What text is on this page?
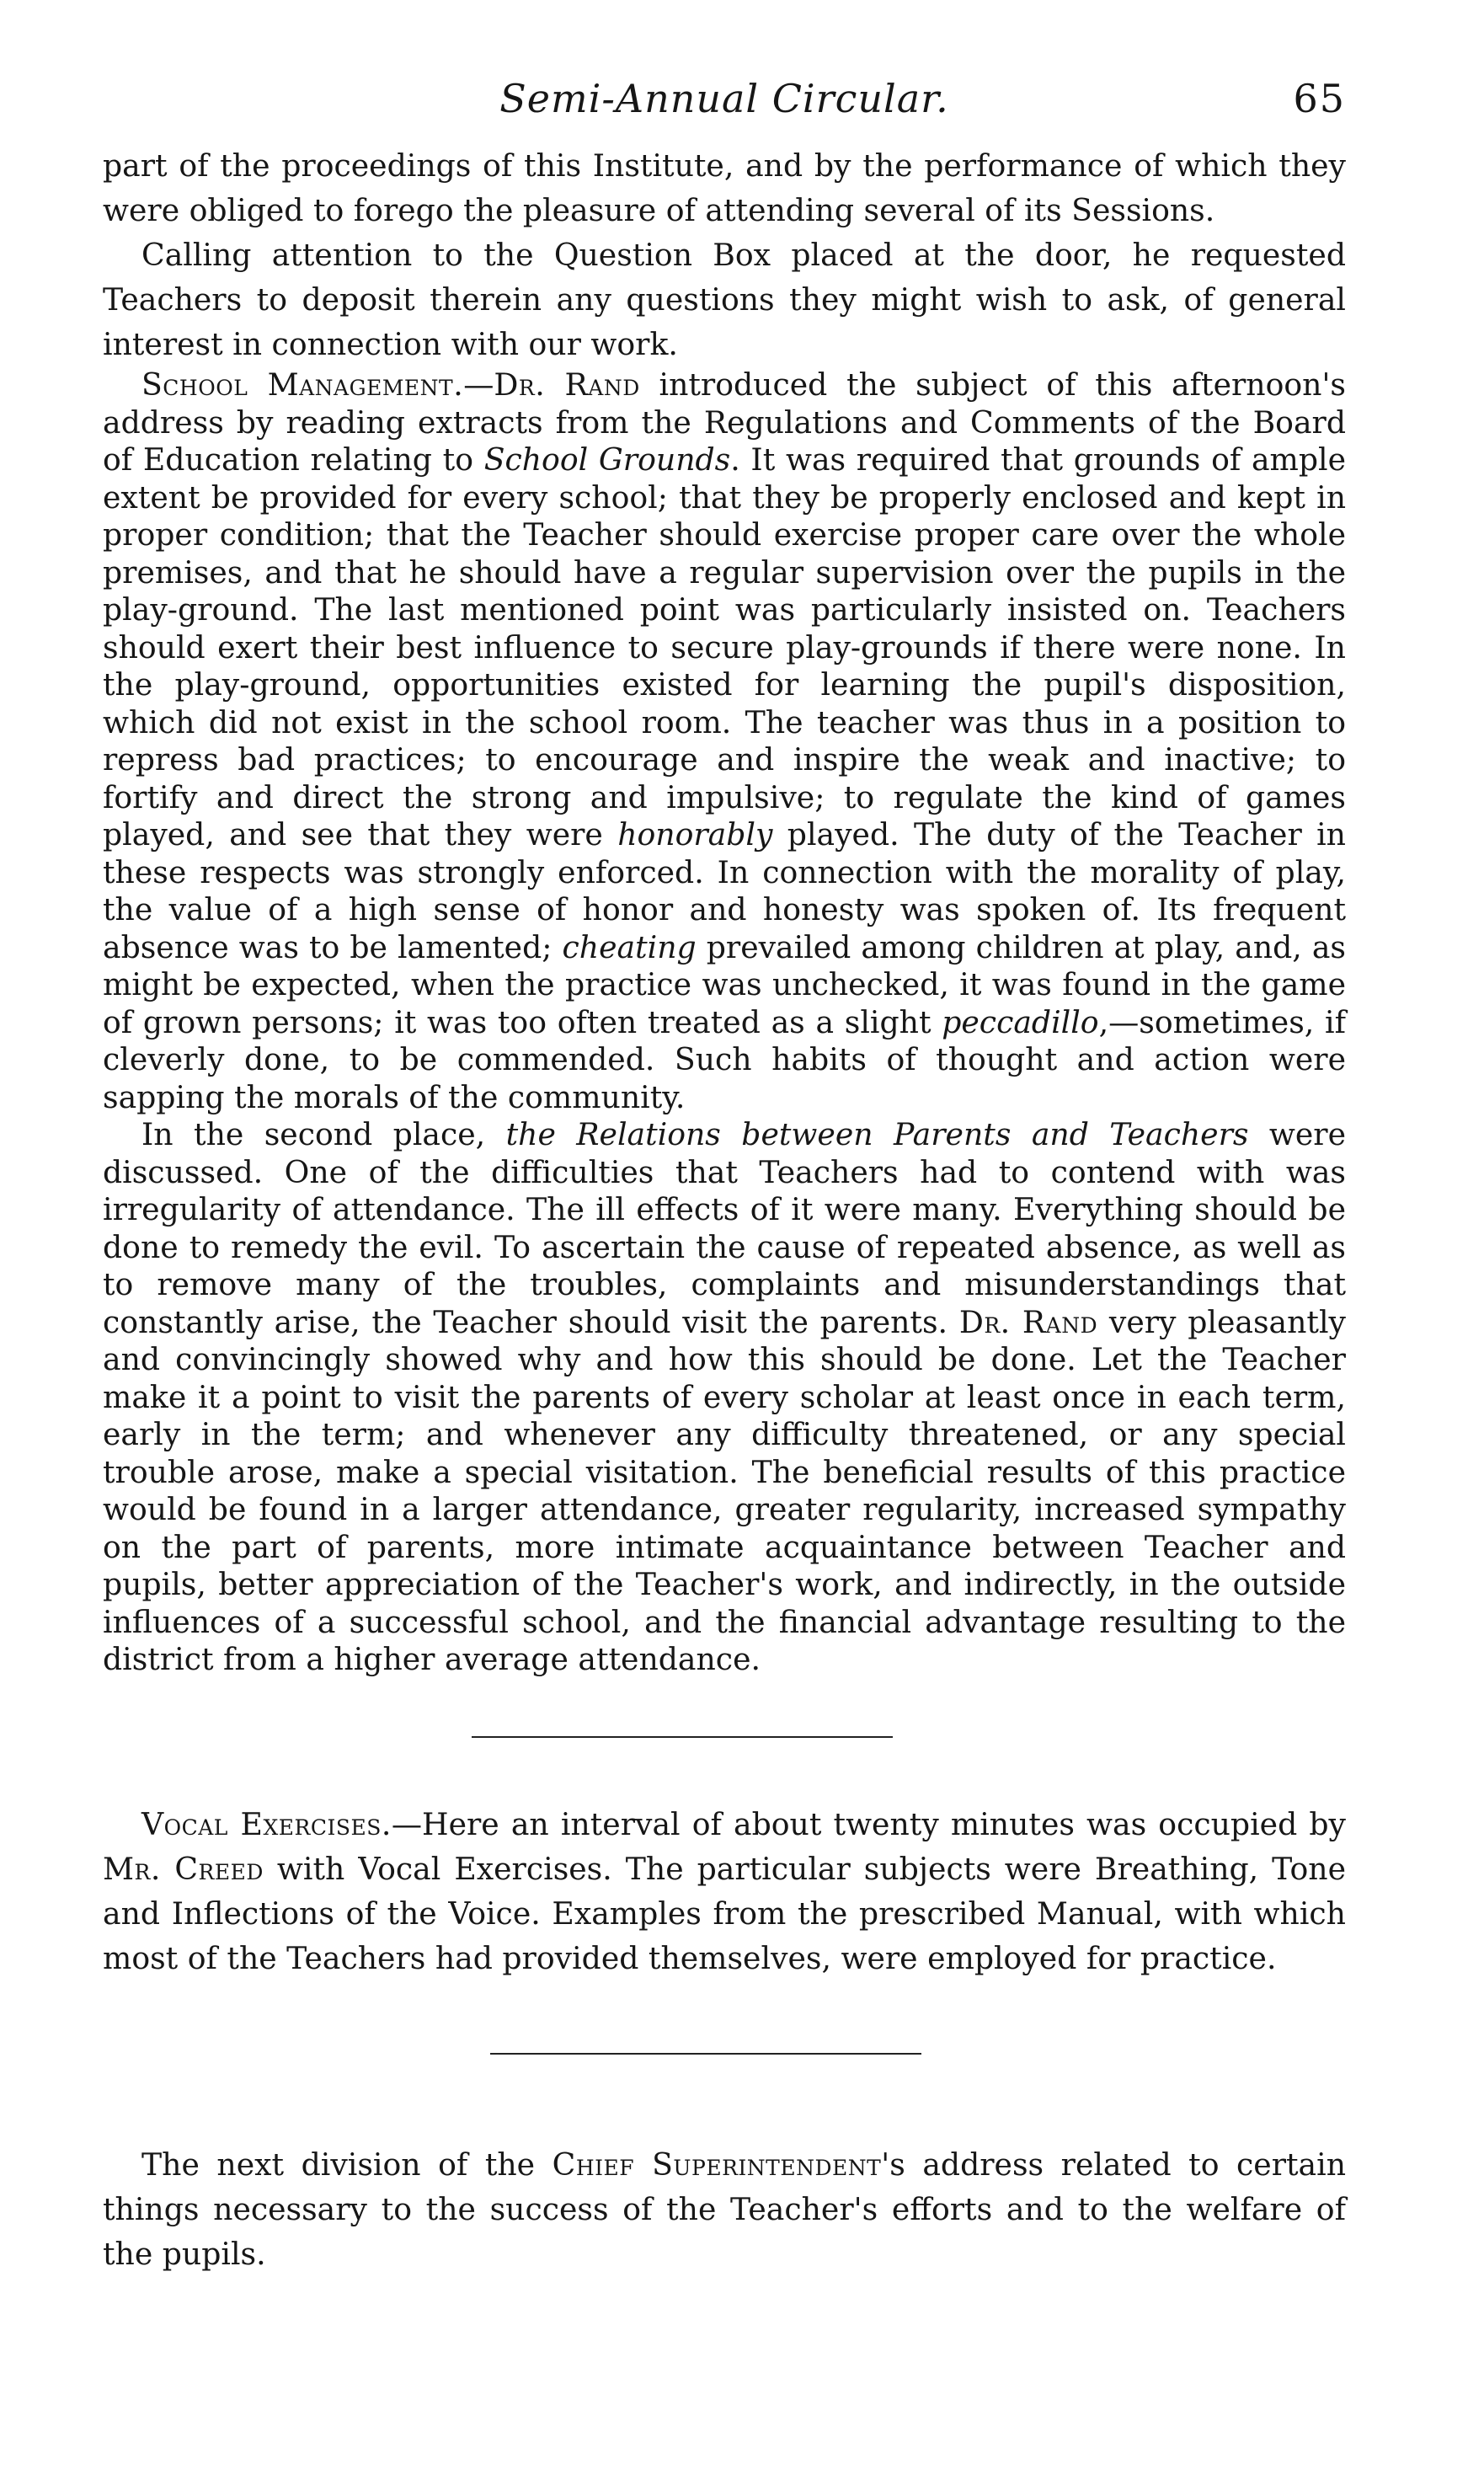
Semi-Annual Circular.	65

part of the proceedings of this Institute, and by the performance of which they were obliged to forego the pleasure of attending several of its Sessions.

Calling attention to the Question Box placed at the door, he requested Teachers to deposit therein any questions they might wish to ask, of general interest in connection with our work.

School Management.—Dr. Rand introduced the subject of this afternoon's address by reading extracts from the Regulations and Comments of the Board of Education relating to School Grounds. It was required that grounds of ample extent be provided for every school; that they be properly enclosed and kept in proper condition; that the Teacher should exercise proper care over the whole premises, and that he should have a regular supervision over the pupils in the play-ground. The last mentioned point was particularly insisted on. Teachers should exert their best influence to secure play-grounds if there were none. In the play-ground, opportunities existed for learning the pupil's disposition, which did not exist in the school room. The teacher was thus in a position to repress bad practices; to encourage and inspire the weak and inactive; to fortify and direct the strong and impulsive; to regulate the kind of games played, and see that they were honorably played. The duty of the Teacher in these respects was strongly enforced. In connection with the morality of play, the value of a high sense of honor and honesty was spoken of. Its frequent absence was to be lamented; cheating prevailed among children at play, and, as might be expected, when the practice was unchecked, it was found in the game of grown persons; it was too often treated as a slight peccadillo,—sometimes, if cleverly done, to be commended. Such habits of thought and action were sapping the morals of the community.

In the second place, the Relations between Parents and Teachers were discussed. One of the difficulties that Teachers had to contend with was irregularity of attendance. The ill effects of it were many. Everything should be done to remedy the evil. To ascertain the cause of repeated absence, as well as to remove many of the troubles, complaints and misunderstandings that constantly arise, the Teacher should visit the parents. Dr. Rand very pleasantly and convincingly showed why and how this should be done. Let the Teacher make it a point to visit the parents of every scholar at least once in each term, early in the term; and whenever any difficulty threatened, or any special trouble arose, make a special visitation. The beneficial results of this practice would be found in a larger attendance, greater regularity, increased sympathy on the part of parents, more intimate acquaintance between Teacher and pupils, better appreciation of the Teacher's work, and indirectly, in the outside influences of a successful school, and the financial advantage resulting to the district from a higher average attendance.

Vocal Exercises.—Here an interval of about twenty minutes was occupied by Mr. Creed with Vocal Exercises. The particular subjects were Breathing, Tone and Inflections of the Voice. Examples from the prescribed Manual, with which most of the Teachers had provided themselves, were employed for practice.

The next division of the Chief Superintendent's address related to certain things necessary to the success of the Teacher's efforts and to the welfare of the pupils.
